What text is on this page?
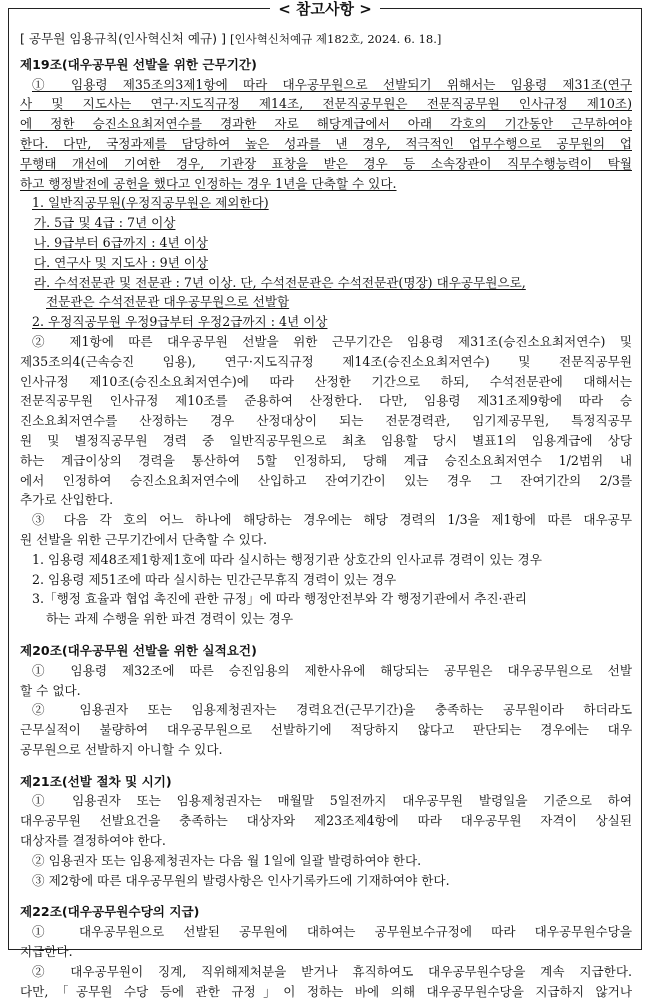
< 참고사항 >
[ 공무원 임용규칙(인사혁신처 예규) ] [인사혁신처예규 제182호, 2024. 6. 18.]
제19조(대우공무원 선발을 위한 근무기간)
① 임용령 제35조의3제1항에 따라 대우공무원으로 선발되기 위해서는 임용령 제31조(연구
사 및 지도사는 연구·지도직규정 제14조, 전문직공무원은 전문직공무원 인사규정 제10조)
에 정한 승진소요최저연수를 경과한 자로 해당계급에서 아래 각호의 기간동안 근무하여야
한다. 다만, 국정과제를 담당하여 높은 성과를 낸 경우, 적극적인 업무수행으로 공무원의 업
무행태 개선에 기여한 경우, 기관장 표창을 받은 경우 등 소속장관이 직무수행능력이 탁월
하고 행정발전에 공헌을 했다고 인정하는 경우 1년을 단축할 수 있다.
1. 일반직공무원(우정직공무원은 제외한다)
가. 5급 및 4급 : 7년 이상
나. 9급부터 6급까지 : 4년 이상
다. 연구사 및 지도사 : 9년 이상
라. 수석전문관 및 전문관 : 7년 이상. 단, 수석전문관은 수석전문관(명장) 대우공무원으로,
전문관은 수석전문관 대우공무원으로 선발함
2. 우정직공무원 우정9급부터 우정2급까지 : 4년 이상
② 제1항에 따른 대우공무원 선발을 위한 근무기간은 임용령 제31조(승진소요최저연수) 및
제35조의4(근속승진 임용), 연구·지도직규정 제14조(승진소요최저연수) 및 전문직공무원
인사규정 제10조(승진소요최저연수)에 따라 산정한 기간으로 하되, 수석전문관에 대해서는
전문직공무원 인사규정 제10조를 준용하여 산정한다. 다만, 임용령 제31조제9항에 따라 승
진소요최저연수를 산정하는 경우 산정대상이 되는 전문경력관, 임기제공무원, 특정직공무
원 및 별정직공무원 경력 중 일반직공무원으로 최초 임용할 당시 별표1의 임용계급에 상당
하는 계급이상의 경력을 통산하여 5할 인정하되, 당해 계급 승진소요최저연수 1/2범위 내
에서 인정하여 승진소요최저연수에 산입하고 잔여기간이 있는 경우 그 잔여기간의 2/3를
추가로 산입한다.
③ 다음 각 호의 어느 하나에 해당하는 경우에는 해당 경력의 1/3을 제1항에 따른 대우공무
원 선발을 위한 근무기간에서 단축할 수 있다.
1. 임용령 제48조제1항제1호에 따라 실시하는 행정기관 상호간의 인사교류 경력이 있는 경우
2. 임용령 제51조에 따라 실시하는 민간근무휴직 경력이 있는 경우
3.「행정 효율과 협업 촉진에 관한 규정」에 따라 행정안전부와 각 행정기관에서 추진·관리
하는 과제 수행을 위한 파견 경력이 있는 경우
제20조(대우공무원 선발을 위한 실적요건)
① 임용령 제32조에 따른 승진임용의 제한사유에 해당되는 공무원은 대우공무원으로 선발
할 수 없다.
② 임용권자 또는 임용제청권자는 경력요건(근무기간)을 충족하는 공무원이라 하더라도
근무실적이 불량하여 대우공무원으로 선발하기에 적당하지 않다고 판단되는 경우에는 대우
공무원으로 선발하지 아니할 수 있다.
제21조(선발 절차 및 시기)
① 임용권자 또는 임용제청권자는 매월말 5일전까지 대우공무원 발령일을 기준으로 하여
대우공무원 선발요건을 충족하는 대상자와 제23조제4항에 따라 대우공무원 자격이 상실된
대상자를 결정하여야 한다.
② 임용권자 또는 임용제청권자는 다음 월 1일에 일괄 발령하여야 한다.
③ 제2항에 따른 대우공무원의 발령사항은 인사기록카드에 기재하여야 한다.
제22조(대우공무원수당의 지급)
① 대우공무원으로 선발된 공무원에 대하여는 공무원보수규정에 따라 대우공무원수당을
지급한다.
② 대우공무원이 징계, 직위해제처분을 받거나 휴직하여도 대우공무원수당을 계속 지급한다.
다만,「공무원 수당 등에 관한 규정」이 정하는 바에 의해 대우공무원수당을 지급하지 않거나
